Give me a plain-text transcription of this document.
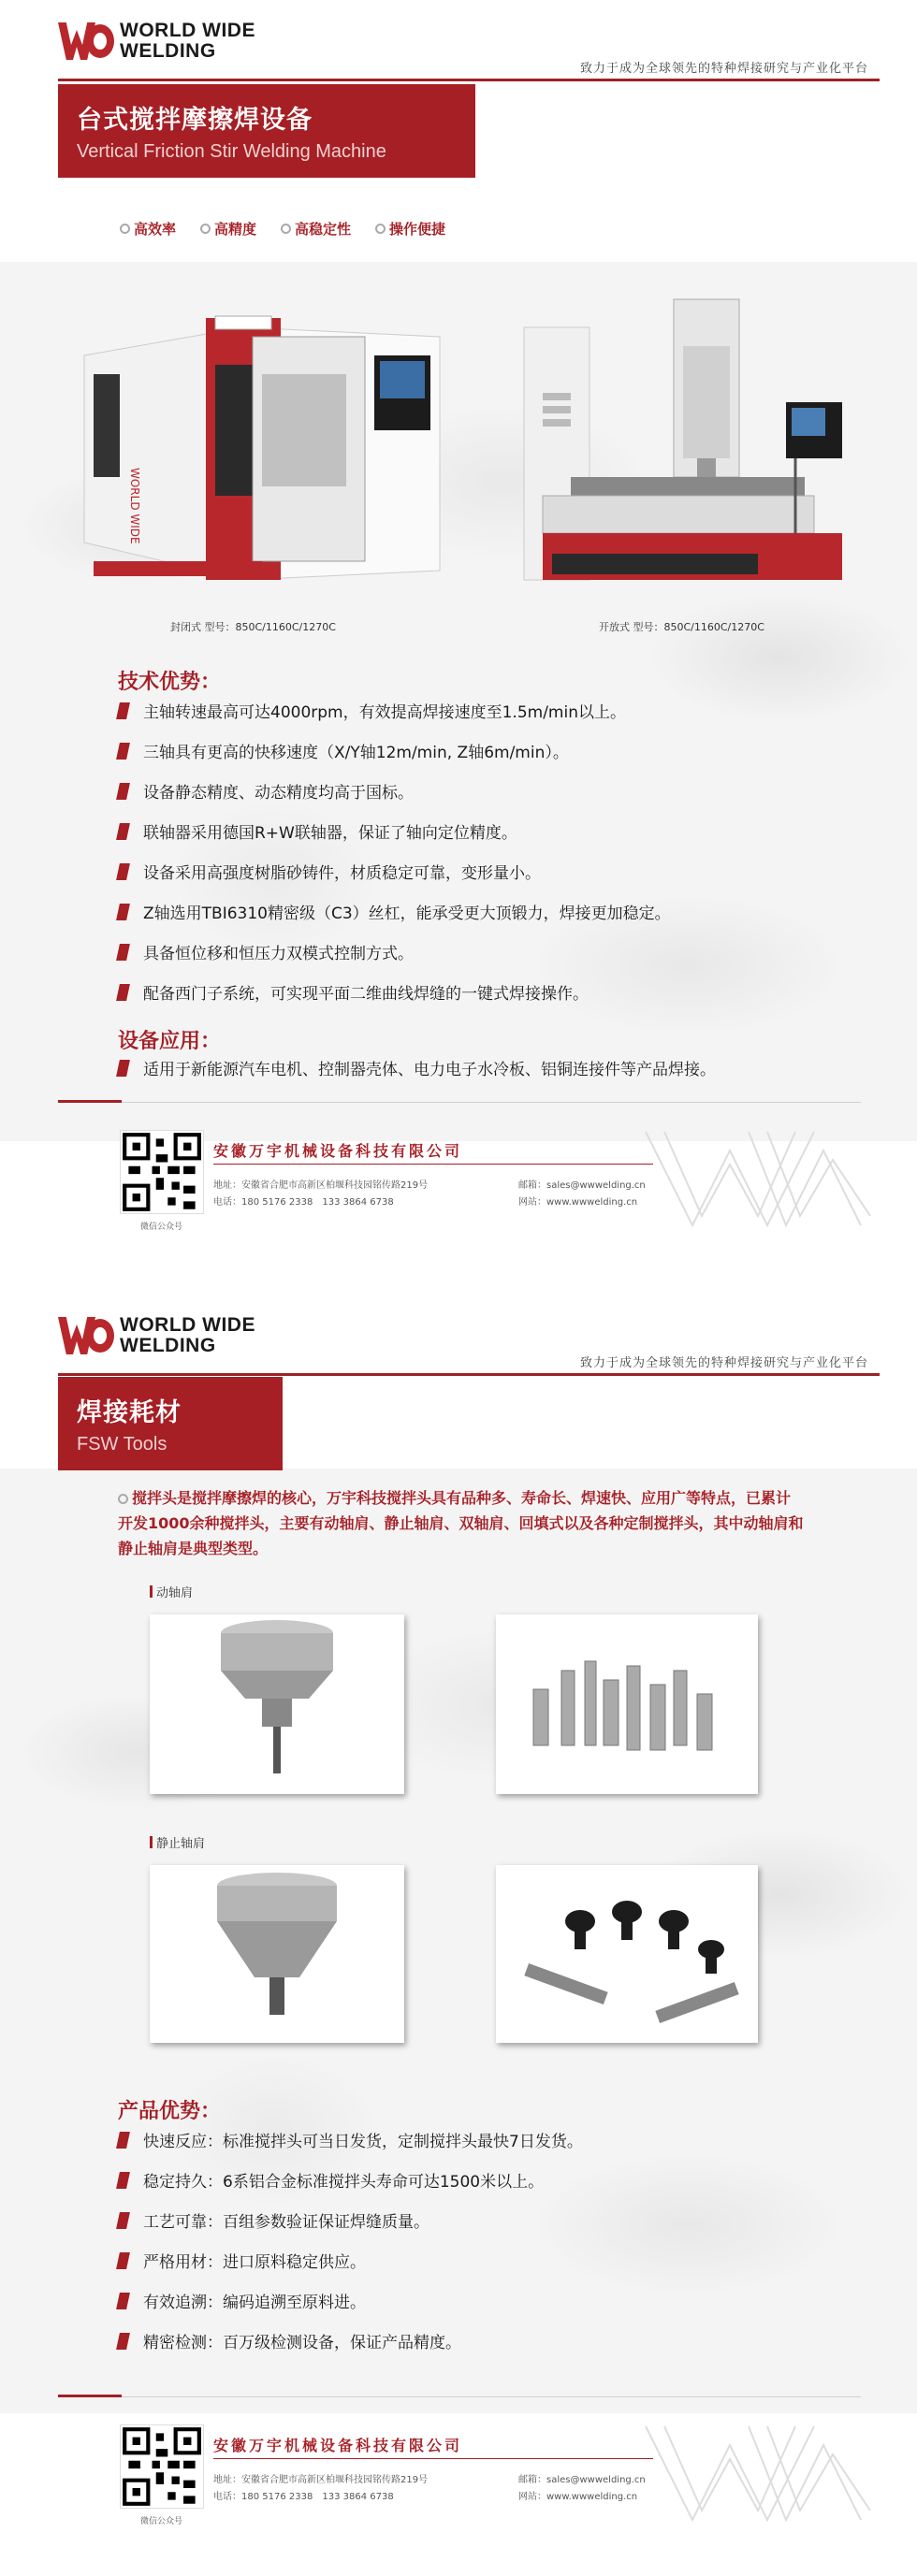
WORLD WIDE
WELDING
致力于成为全球领先的特种焊接研究与产业化平台
台式搅拌摩擦焊设备
Vertical Friction Stir Welding Machine
高效率	高精度	高稳定性	操作便捷
WORLD WIDE
封闭式 型号：850C/1160C/1270C	开放式 型号：850C/1160C/1270C
技术优势：
主轴转速最高可达4000rpm，有效提高焊接速度至1.5m/min以上。
三轴具有更高的快移速度（X/Y轴12m/min, Z轴6m/min）。
设备静态精度、动态精度均高于国标。
联轴器采用德国R+W联轴器，保证了轴向定位精度。
设备采用高强度树脂砂铸件，材质稳定可靠，变形量小。
Z轴选用TBI6310精密级（C3）丝杠，能承受更大顶锻力，焊接更加稳定。
具备恒位移和恒压力双模式控制方式。
配备西门子系统，可实现平面二维曲线焊缝的一键式焊接操作。
设备应用：
适用于新能源汽车电机、控制器壳体、电力电子水冷板、铝铜连接件等产品焊接。
微信公众号
安徽万宇机械设备科技有限公司
地址：安徽省合肥市高新区柏堰科技园铭传路219号
电话：180 5176 2338　133 3864 6738
邮箱：sales@wwwelding.cn
网站：www.wwwelding.cn
WORLD WIDE
WELDING
致力于成为全球领先的特种焊接研究与产业化平台
焊接耗材
FSW Tools
搅拌头是搅拌摩擦焊的核心，万宇科技搅拌头具有品种多、寿命长、焊速快、应用广等特点，已累计开发1000余种搅拌头，主要有动轴肩、静止轴肩、双轴肩、回填式以及各种定制搅拌头，其中动轴肩和静止轴肩是典型类型。
动轴肩
静止轴肩
产品优势：
快速反应：标准搅拌头可当日发货，定制搅拌头最快7日发货。
稳定持久：6系铝合金标准搅拌头寿命可达1500米以上。
工艺可靠：百组参数验证保证焊缝质量。
严格用材：进口原料稳定供应。
有效追溯：编码追溯至原料进。
精密检测：百万级检测设备，保证产品精度。
微信公众号
安徽万宇机械设备科技有限公司
地址：安徽省合肥市高新区柏堰科技园铭传路219号
电话：180 5176 2338　133 3864 6738
邮箱：sales@wwwelding.cn
网站：www.wwwelding.cn
